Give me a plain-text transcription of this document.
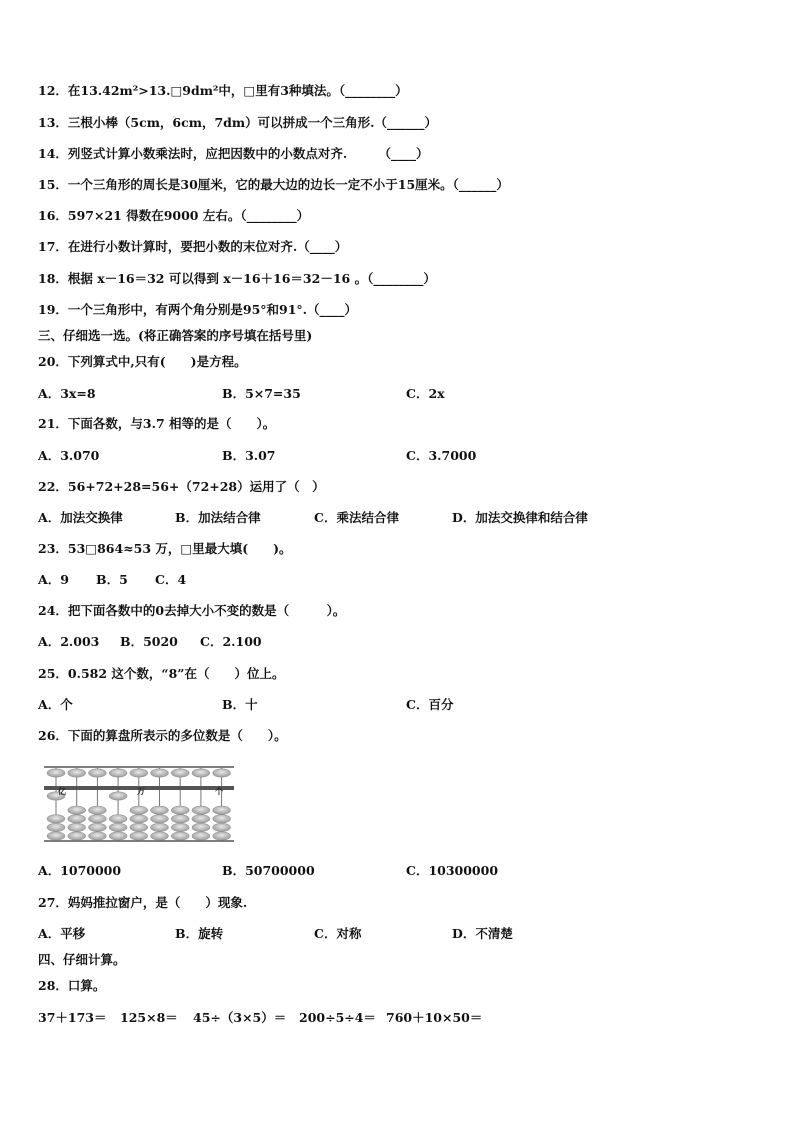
12．在13.42m²>13.□9dm²中，□里有3种填法。（________）
13．三根小棒（5cm，6cm，7dm）可以拼成一个三角形.（______）
14．列竖式计算小数乘法时，应把因数中的小数点对齐.　　　（____）
15．一个三角形的周长是30厘米，它的最大边的边长一定不小于15厘米。（______）
16．597×21 得数在9000 左右。（________）
17．在进行小数计算时，要把小数的末位对齐.（____）
18．根据 x－16＝32 可以得到 x－16＋16＝32－16 。（________）
19．一个三角形中，有两个角分别是95°和91°.（____）
三、仔细选一选。(将正确答案的序号填在括号里)
20．下列算式中,只有(　　)是方程。
A．3x=8	B．5×7=35	C．2x
21．下面各数，与3.7 相等的是（　　）。
A．3.070	B．3.07	C．3.7000
22．56+72+28=56+（72+28）运用了（　）
A．加法交换律	B．加法结合律	C．乘法结合律	D．加法交换律和结合律
23．53□864≈53 万，□里最大填(　　)。
A．9 B．5 C．4
24．把下面各数中的0去掉大小不变的数是（　　　）。
A．2.003 B．5020 C．2.100
25．0.582 这个数，“8”在（　　）位上。
A．个	B．十	C．百分
26．下面的算盘所表示的多位数是（　　）。
亿	万	个
A．1070000	B．50700000	C．10300000
27．妈妈推拉窗户，是（　　）现象.
A．平移	B．旋转	C．对称	D．不清楚
四、仔细计算。
28．口算。
37＋173＝ 125×8＝ 45÷（3×5）＝ 200÷5÷4＝ 760＋10×50＝
